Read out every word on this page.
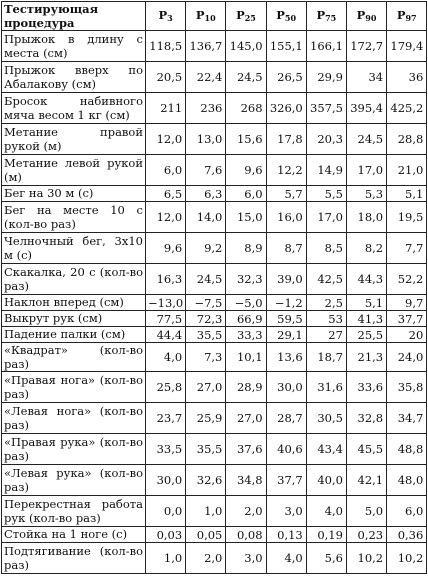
Тестирующая процедура	$P_3$	$P_{10}$	$P_{25}$	$P_{50}$	$P_{75}$	$P_{90}$	$P_{97}$
Прыжок в длину с места (см)	118,5	136,7	145,0	155,1	166,1	172,7	179,4
Прыжок вверх по Абалакову (см)	20,5	22,4	24,5	26,5	29,9	34	36
Бросок набивного мяча весом 1 кг (см)	211	236	268	326,0	357,5	395,4	425,2
Метание правой рукой (м)	12,0	13,0	15,6	17,8	20,3	24,5	28,8
Метание левой рукой (м)	6,0	7,6	9,6	12,2	14,9	17,0	21,0
Бег на 30 м (с)	6,5	6,3	6,0	5,7	5,5	5,3	5,1
Бег на месте 10 с (кол-во раз)	12,0	14,0	15,0	16,0	17,0	18,0	19,5
Челночный бег, 3х10 м (с)	9,6	9,2	8,9	8,7	8,5	8,2	7,7
Скакалка, 20 с (кол-во раз)	16,3	24,5	32,3	39,0	42,5	44,3	52,2
Наклон вперед (см)	−13,0	−7,5	−5,0	−1,2	2,5	5,1	9,7
Выкрут рук (см)	77,5	72,3	66,9	59,5	53	41,3	37,7
Падение палки (см)	44,4	35,5	33,3	29,1	27	25,5	20
«Квадрат» (кол-во раз)	4,0	7,3	10,1	13,6	18,7	21,3	24,0
«Правая нога» (кол-во раз)	25,8	27,0	28,9	30,0	31,6	33,6	35,8
«Левая нога» (кол-во раз)	23,7	25,9	27,0	28,7	30,5	32,8	34,7
«Правая рука» (кол-во раз)	33,5	35,5	37,6	40,6	43,4	45,5	48,8
«Левая рука» (кол-во раз)	30,0	32,6	34,8	37,7	40,0	42,1	48,0
Перекрестная работа рук (кол-во раз)	0,0	1,0	2,0	3,0	4,0	5,0	6,0
Стойка на 1 ноге (с)	0,03	0,05	0,08	0,13	0,19	0,23	0,36
Подтягивание (кол-во раз)	1,0	2,0	3,0	4,0	5,6	10,2	10,2
